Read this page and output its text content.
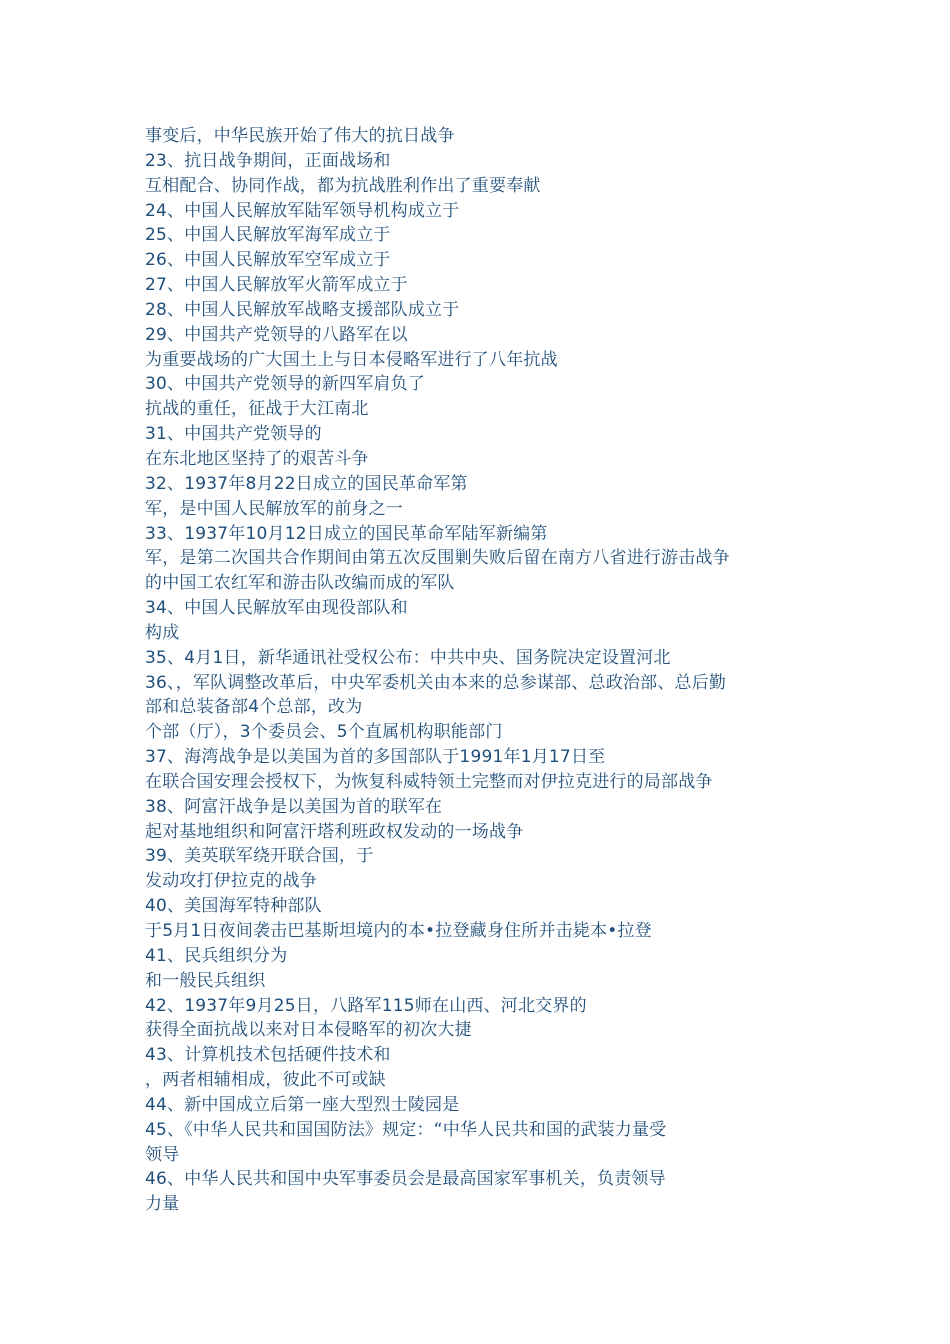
事变后，中华民族开始了伟大的抗日战争
23、抗日战争期间，正面战场和
互相配合、协同作战，都为抗战胜利作出了重要奉献
24、中国人民解放军陆军领导机构成立于
25、中国人民解放军海军成立于
26、中国人民解放军空军成立于
27、中国人民解放军火箭军成立于
28、中国人民解放军战略支援部队成立于
29、中国共产党领导的八路军在以
为重要战场的广大国土上与日本侵略军进行了八年抗战
30、中国共产党领导的新四军肩负了
抗战的重任，征战于大江南北
31、中国共产党领导的
在东北地区坚持了的艰苦斗争
32、1937年8月22日成立的国民革命军第
军，是中国人民解放军的前身之一
33、1937年10月12日成立的国民革命军陆军新编第
军，是第二次国共合作期间由第五次反围剿失败后留在南方八省进行游击战争
的中国工农红军和游击队改编而成的军队
34、中国人民解放军由现役部队和
构成
35、4月1日，新华通讯社受权公布：中共中央、国务院决定设置河北
36、，军队调整改革后，中央军委机关由本来的总参谋部、总政治部、总后勤
部和总装备部4个总部，改为
个部（厅），3个委员会、5个直属机构职能部门
37、海湾战争是以美国为首的多国部队于1991年1月17日至
在联合国安理会授权下，为恢复科威特领土完整而对伊拉克进行的局部战争
38、阿富汗战争是以美国为首的联军在
起对基地组织和阿富汗塔利班政权发动的一场战争
39、美英联军绕开联合国，于
发动攻打伊拉克的战争
40、美国海军特种部队
于5月1日夜间袭击巴基斯坦境内的本•拉登藏身住所并击毙本•拉登
41、民兵组织分为
和一般民兵组织
42、1937年9月25日，八路军115师在山西、河北交界的
获得全面抗战以来对日本侵略军的初次大捷
43、计算机技术包括硬件技术和
，两者相辅相成，彼此不可或缺
44、新中国成立后第一座大型烈士陵园是
45、《中华人民共和国国防法》规定：“中华人民共和国的武装力量受
领导
46、中华人民共和国中央军事委员会是最高国家军事机关，负责领导
力量
